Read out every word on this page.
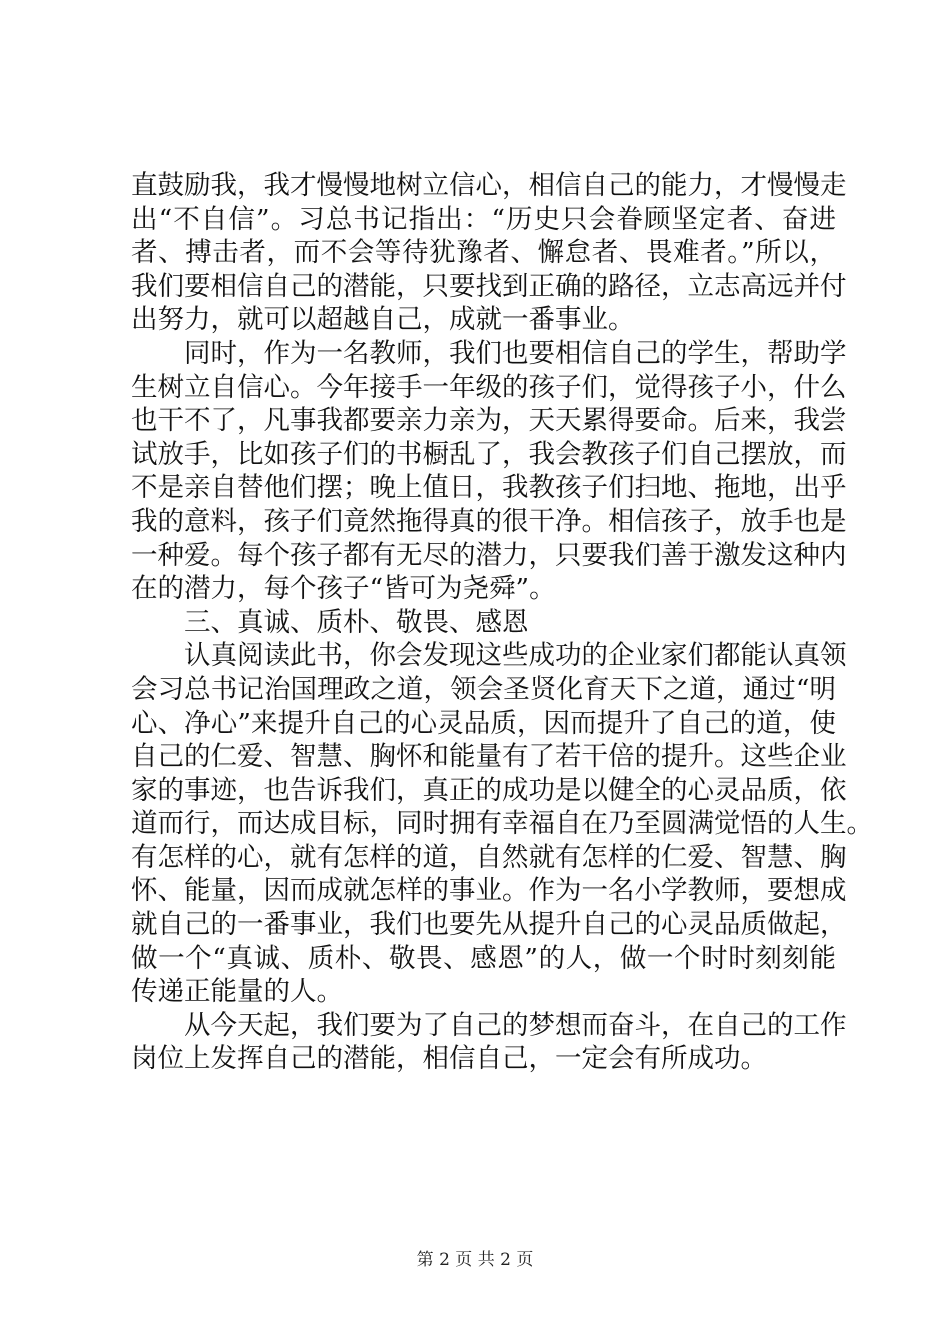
直鼓励我，我才慢慢地树立信心，相信自己的能力，才慢慢走
出“不自信”。习总书记指出：“历史只会眷顾坚定者、奋进
者、搏击者，而不会等待犹豫者、懈怠者、畏难者。”所以，
我们要相信自己的潜能，只要找到正确的路径，立志高远并付
出努力，就可以超越自己，成就一番事业。
　　同时，作为一名教师，我们也要相信自己的学生，帮助学
生树立自信心。今年接手一年级的孩子们，觉得孩子小，什么
也干不了，凡事我都要亲力亲为，天天累得要命。后来，我尝
试放手，比如孩子们的书橱乱了，我会教孩子们自己摆放，而
不是亲自替他们摆；晚上值日，我教孩子们扫地、拖地，出乎
我的意料，孩子们竟然拖得真的很干净。相信孩子，放手也是
一种爱。每个孩子都有无尽的潜力，只要我们善于激发这种内
在的潜力，每个孩子“皆可为尧舜”。
　　三、真诚、质朴、敬畏、感恩
　　认真阅读此书，你会发现这些成功的企业家们都能认真领
会习总书记治国理政之道，领会圣贤化育天下之道，通过“明
心、净心”来提升自己的心灵品质，因而提升了自己的道，使
自己的仁爱、智慧、胸怀和能量有了若干倍的提升。这些企业
家的事迹，也告诉我们，真正的成功是以健全的心灵品质，依
道而行，而达成目标，同时拥有幸福自在乃至圆满觉悟的人生。
有怎样的心，就有怎样的道，自然就有怎样的仁爱、智慧、胸
怀、能量，因而成就怎样的事业。作为一名小学教师，要想成
就自己的一番事业，我们也要先从提升自己的心灵品质做起，
做一个“真诚、质朴、敬畏、感恩”的人，做一个时时刻刻能
传递正能量的人。
　　从今天起，我们要为了自己的梦想而奋斗，在自己的工作
岗位上发挥自己的潜能，相信自己，一定会有所成功。
第 2 页 共 2 页
